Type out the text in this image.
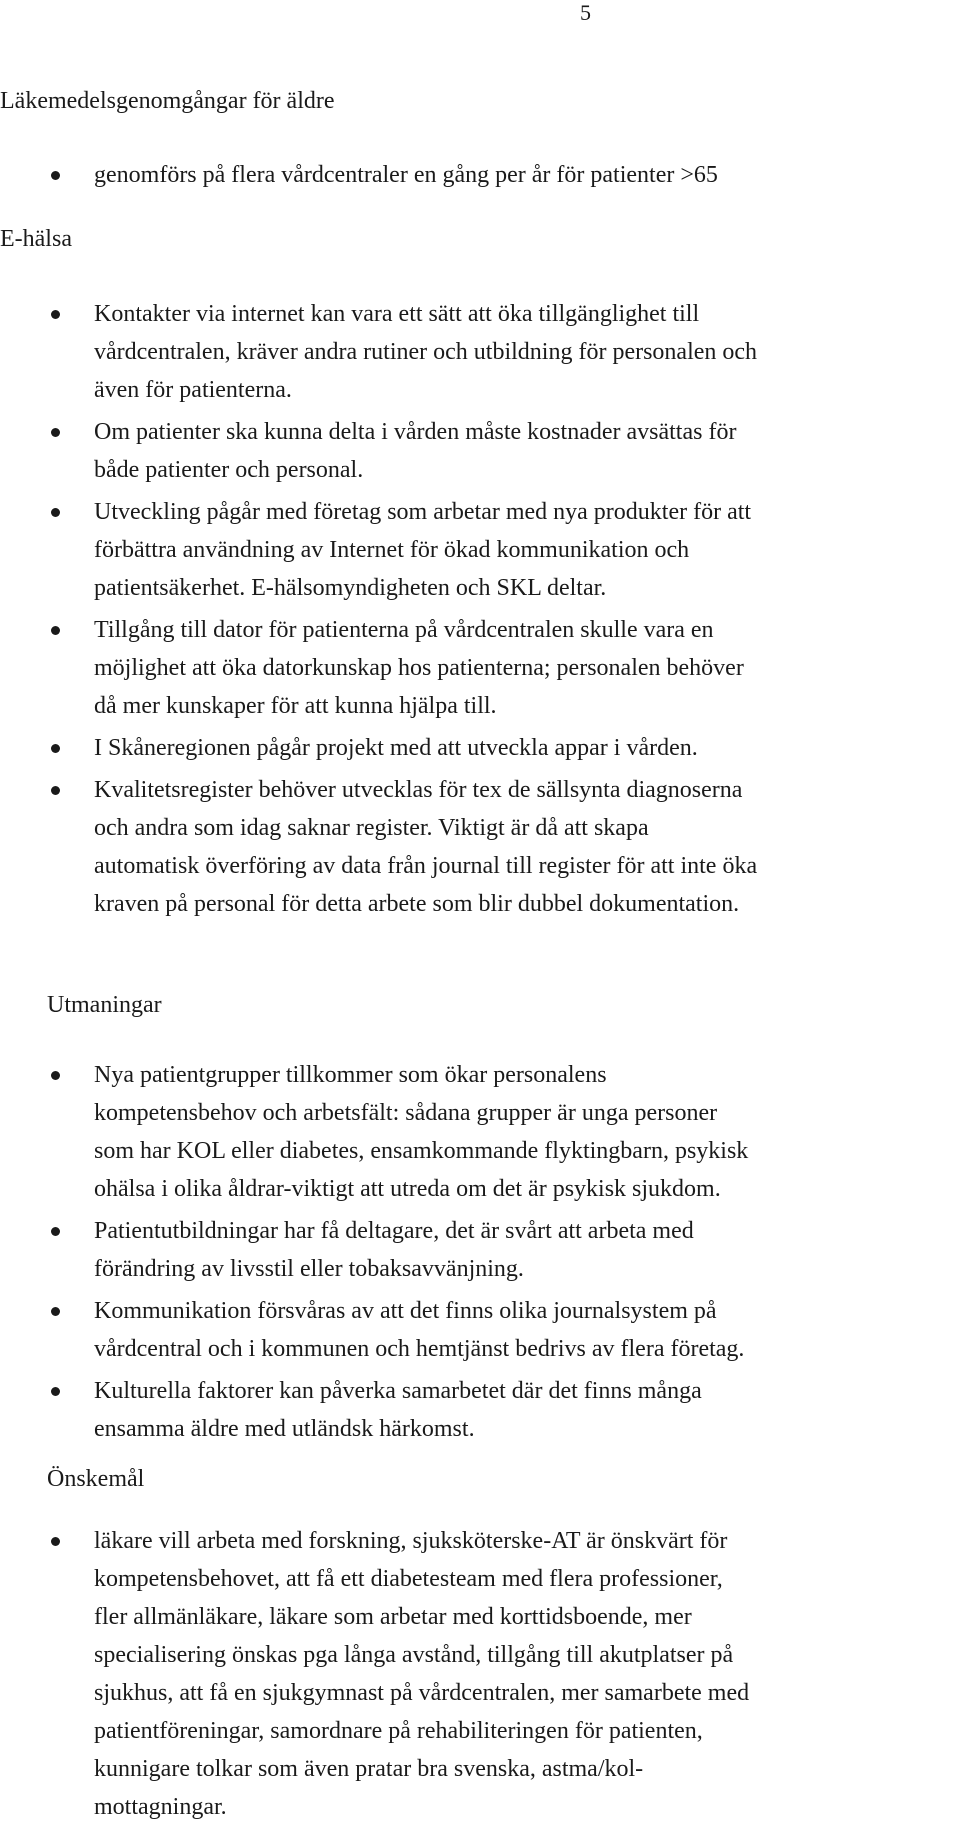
5
Läkemedelsgenomgångar för äldre
genomförs på flera vårdcentraler en gång per år för patienter >65
E-hälsa
Kontakter via internet kan vara ett sätt att öka tillgänglighet till
vårdcentralen, kräver andra rutiner och utbildning för personalen och
även för patienterna.
Om patienter ska kunna delta i vården måste kostnader avsättas för
både patienter och personal.
Utveckling pågår med företag som arbetar med nya produkter för att
förbättra användning av Internet för ökad kommunikation och
patientsäkerhet. E-hälsomyndigheten och SKL deltar.
Tillgång till dator för patienterna på vårdcentralen skulle vara en
möjlighet att öka datorkunskap hos patienterna; personalen behöver
då mer kunskaper för att kunna hjälpa till.
I Skåneregionen pågår projekt med att utveckla appar i vården.
Kvalitetsregister behöver utvecklas för tex de sällsynta diagnoserna
och andra som idag saknar register. Viktigt är då att skapa
automatisk överföring av data från journal till register för att inte öka
kraven på personal för detta arbete som blir dubbel dokumentation.
Utmaningar
Nya patientgrupper tillkommer som ökar personalens
kompetensbehov och arbetsfält: sådana grupper är unga personer
som har KOL eller diabetes, ensamkommande flyktingbarn, psykisk
ohälsa i olika åldrar-viktigt att utreda om det är psykisk sjukdom.
Patientutbildningar har få deltagare, det är svårt att arbeta med
förändring av livsstil eller tobaksavvänjning.
Kommunikation försvåras av att det finns olika journalsystem på
vårdcentral och i kommunen och hemtjänst bedrivs av flera företag.
Kulturella faktorer kan påverka samarbetet där det finns många
ensamma äldre med utländsk härkomst.
Önskemål
läkare vill arbeta med forskning, sjuksköterske-AT är önskvärt för
kompetensbehovet, att få ett diabetesteam med flera professioner,
fler allmänläkare, läkare som arbetar med korttidsboende, mer
specialisering önskas pga långa avstånd, tillgång till akutplatser på
sjukhus, att få en sjukgymnast på vårdcentralen, mer samarbete med
patientföreningar, samordnare på rehabiliteringen för patienten,
kunnigare tolkar som även pratar bra svenska, astma/kol-
mottagningar.
